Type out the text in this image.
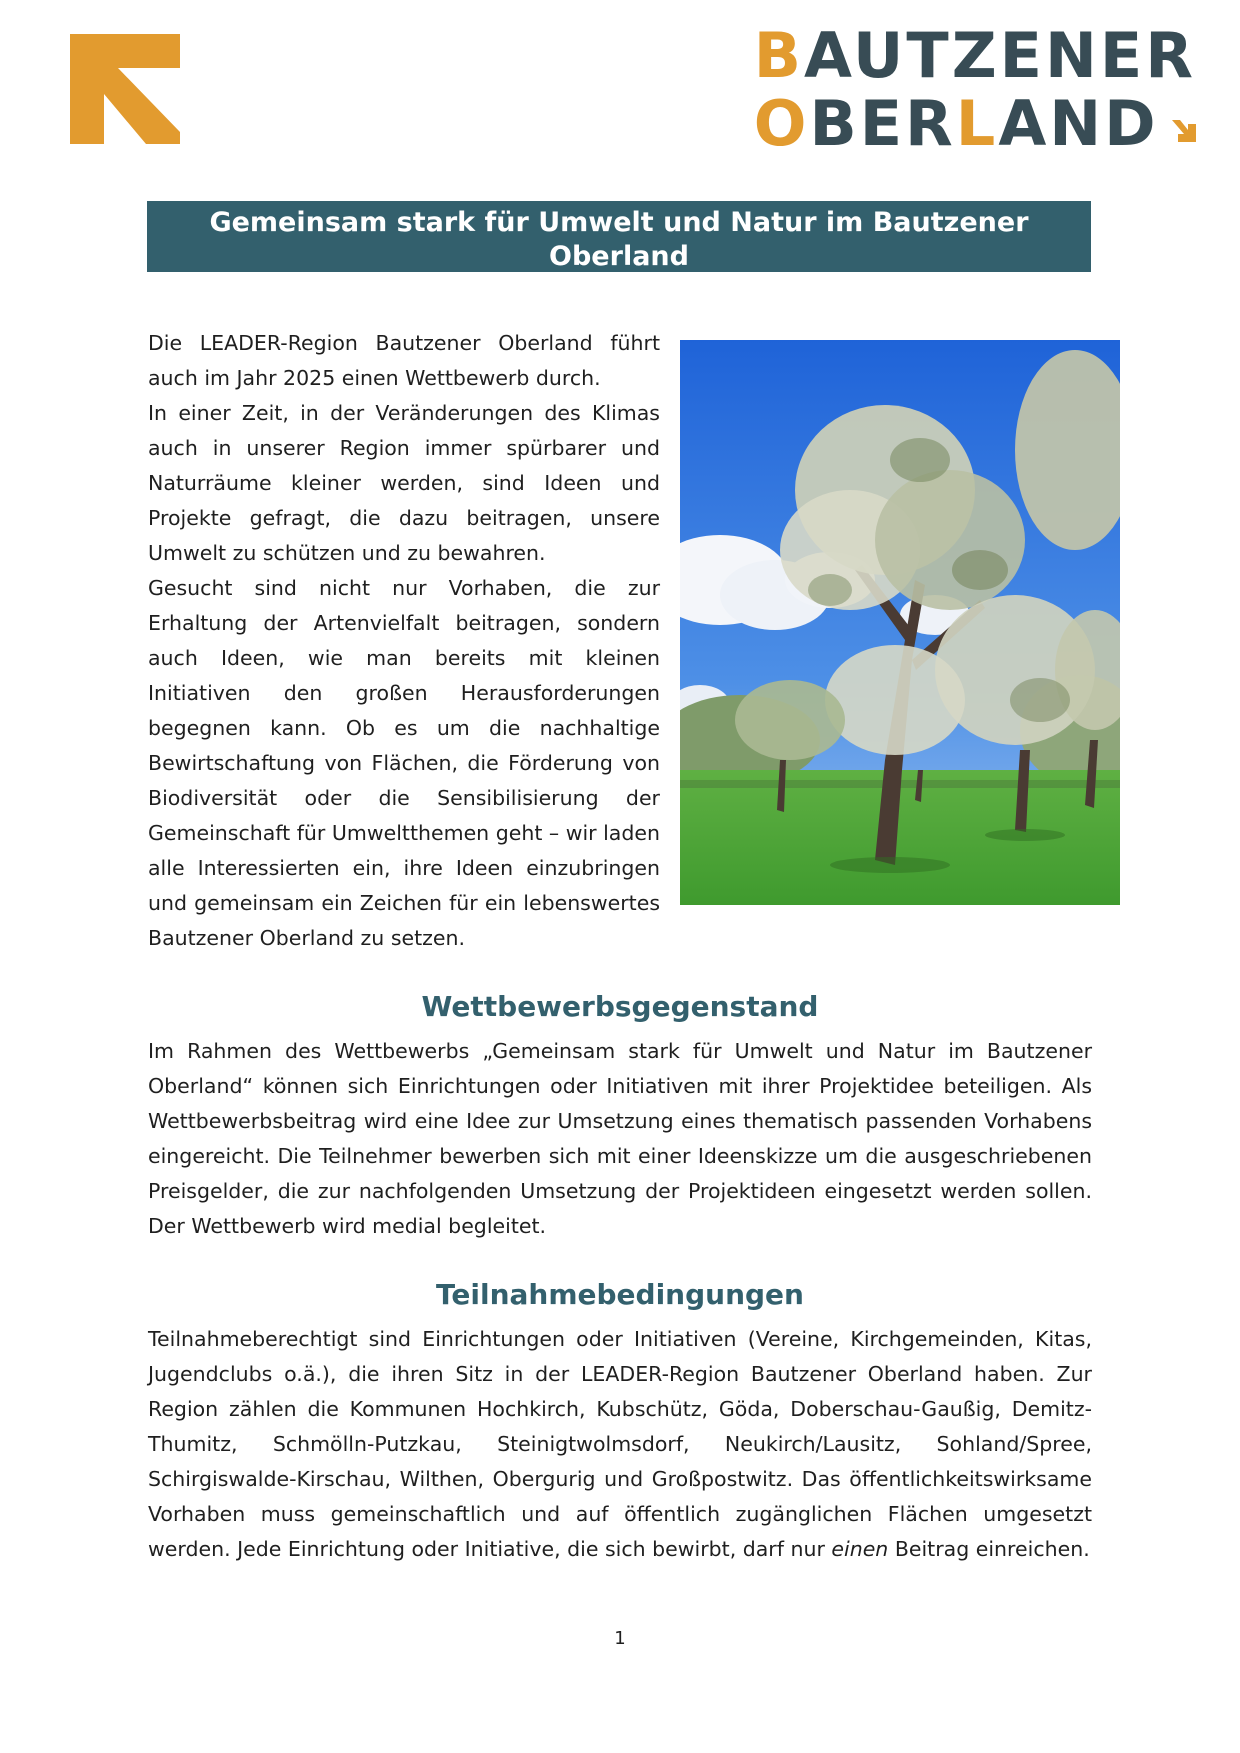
BAUTZENER
OBERLAND
Gemeinsam stark für Umwelt und Natur im Bautzener Oberland
Teilnahmebedingungen für den Wettbewerb

Die LEADER-Region Bautzener Oberland führt auch im Jahr 2025 einen Wettbewerb durch.

In einer Zeit, in der Veränderungen des Klimas auch in unserer Region immer spürbarer und Naturräume kleiner werden, sind Ideen und Projekte gefragt, die dazu beitragen, unsere Umwelt zu schützen und zu bewahren.

Gesucht sind nicht nur Vorhaben, die zur Erhaltung der Artenvielfalt beitragen, sondern auch Ideen, wie man bereits mit kleinen Initiativen den großen Herausforderungen begegnen kann. Ob es um die nachhaltige Bewirtschaftung von Flächen, die Förderung von Biodiversität oder die Sensibilisierung der Gemeinschaft für Umweltthemen geht – wir laden alle Interessierten ein, ihre Ideen einzubringen und gemeinsam ein Zeichen für ein lebenswertes Bautzener Oberland zu setzen.

Wettbewerbsgegenstand
Im Rahmen des Wettbewerbs „Gemeinsam stark für Umwelt und Natur im Bautzener Oberland“ können sich Einrichtungen oder Initiativen mit ihrer Projektidee beteiligen. Als Wettbewerbsbeitrag wird eine Idee zur Umsetzung eines thematisch passenden Vorhabens eingereicht. Die Teilnehmer bewerben sich mit einer Ideenskizze um die ausgeschriebenen Preisgelder, die zur nachfolgenden Umsetzung der Projektideen eingesetzt werden sollen. Der Wettbewerb wird medial begleitet.
Teilnahmebedingungen
Teilnahmeberechtigt sind Einrichtungen oder Initiativen (Vereine, Kirchgemeinden, Kitas, Jugendclubs o.ä.), die ihren Sitz in der LEADER-Region Bautzener Oberland haben. Zur Region zählen die Kommunen Hochkirch, Kubschütz, Göda, Doberschau-Gaußig, Demitz-Thumitz, Schmölln-Putzkau, Steinigtwolmsdorf, Neukirch/Lausitz, Sohland/Spree, Schirgiswalde-Kirschau, Wilthen, Obergurig und Großpostwitz. Das öffentlichkeitswirksame Vorhaben muss gemeinschaftlich und auf öffentlich zugänglichen Flächen umgesetzt werden. Jede Einrichtung oder Initiative, die sich bewirbt, darf nur einen Beitrag einreichen.
1
